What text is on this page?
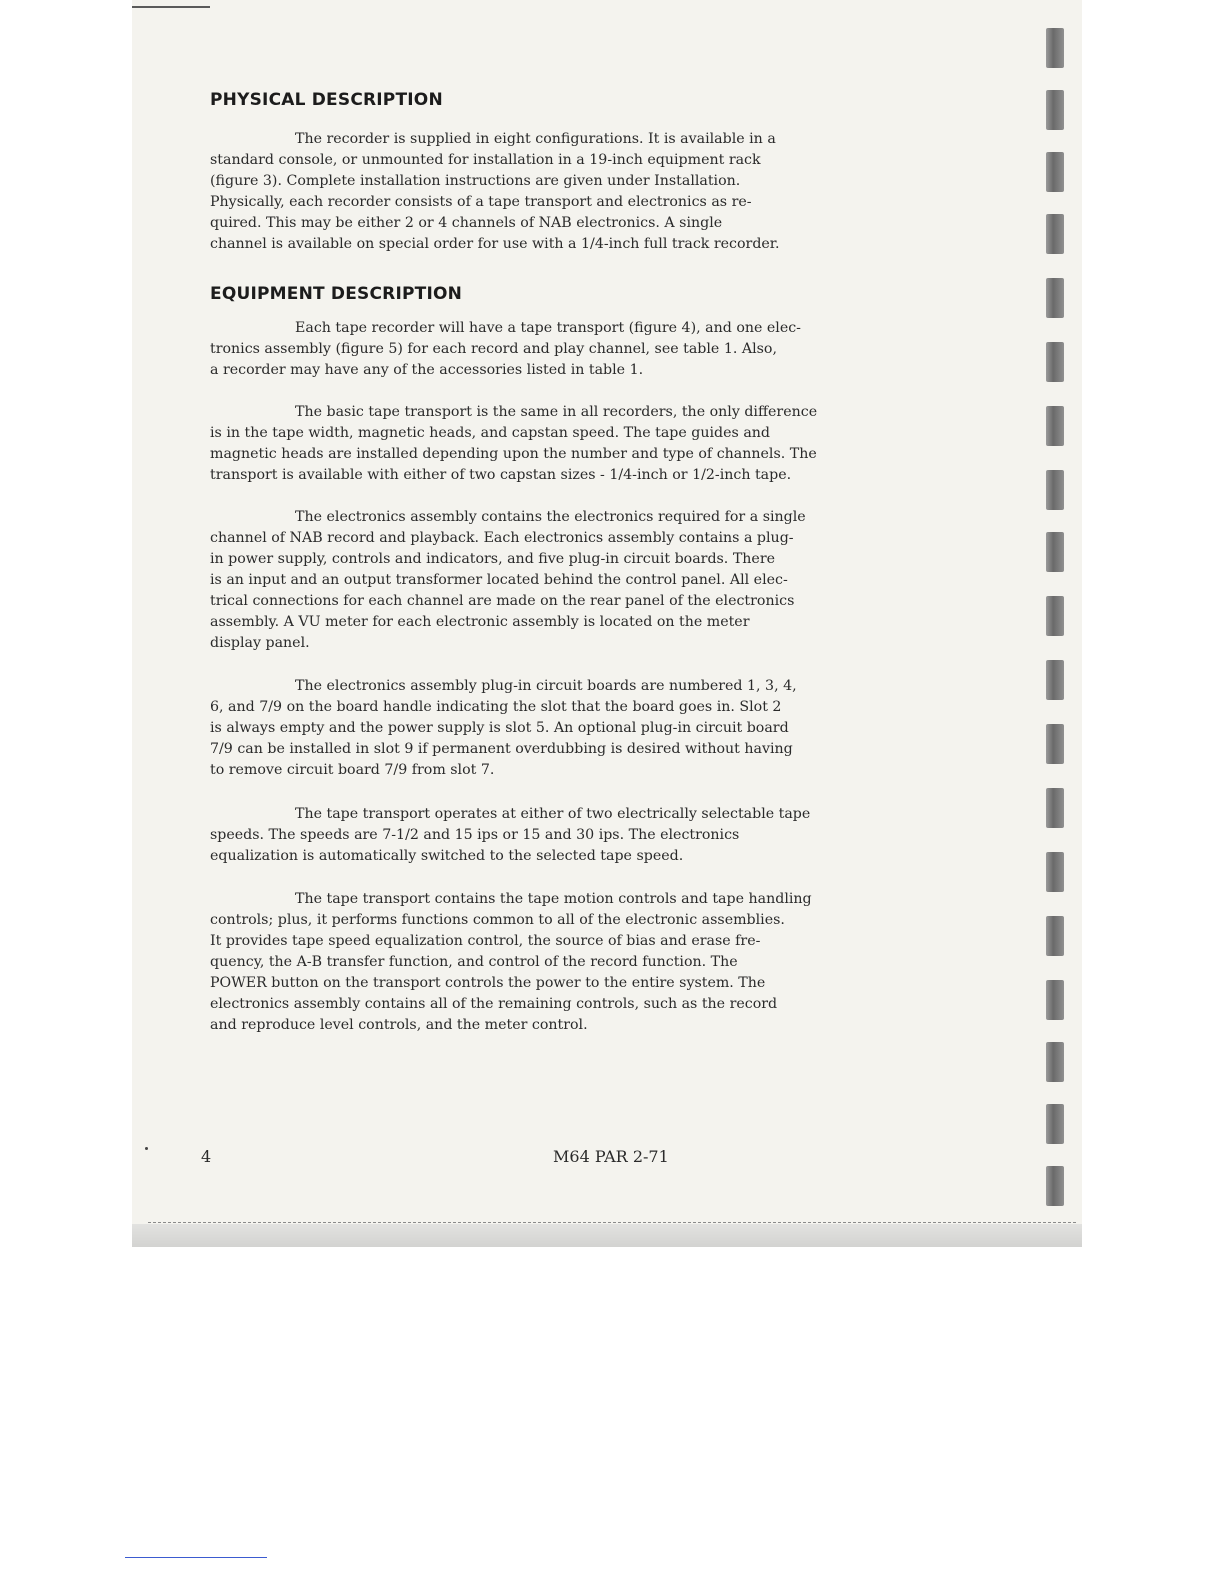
PHYSICAL DESCRIPTION

The recorder is supplied in eight configurations. It is available in a
standard console, or unmounted for installation in a 19-inch equipment rack
(figure 3). Complete installation instructions are given under Installation.
Physically, each recorder consists of a tape transport and electronics as re-
quired. This may be either 2 or 4 channels of NAB electronics. A single
channel is available on special order for use with a 1/4-inch full track recorder.

EQUIPMENT DESCRIPTION

Each tape recorder will have a tape transport (figure 4), and one elec-
tronics assembly (figure 5) for each record and play channel, see table 1. Also,
a recorder may have any of the accessories listed in table 1.

The basic tape transport is the same in all recorders, the only difference
is in the tape width, magnetic heads, and capstan speed. The tape guides and
magnetic heads are installed depending upon the number and type of channels. The
transport is available with either of two capstan sizes - 1/4-inch or 1/2-inch tape.

The electronics assembly contains the electronics required for a single
channel of NAB record and playback. Each electronics assembly contains a plug-
in power supply, controls and indicators, and five plug-in circuit boards. There
is an input and an output transformer located behind the control panel. All elec-
trical connections for each channel are made on the rear panel of the electronics
assembly. A VU meter for each electronic assembly is located on the meter
display panel.

The electronics assembly plug-in circuit boards are numbered 1, 3, 4,
6, and 7/9 on the board handle indicating the slot that the board goes in. Slot 2
is always empty and the power supply is slot 5. An optional plug-in circuit board
7/9 can be installed in slot 9 if permanent overdubbing is desired without having
to remove circuit board 7/9 from slot 7.

The tape transport operates at either of two electrically selectable tape
speeds. The speeds are 7-1/2 and 15 ips or 15 and 30 ips. The electronics
equalization is automatically switched to the selected tape speed.

The tape transport contains the tape motion controls and tape handling
controls; plus, it performs functions common to all of the electronic assemblies.
It provides tape speed equalization control, the source of bias and erase fre-
quency, the A-B transfer function, and control of the record function. The
POWER button on the transport controls the power to the entire system. The
electronics assembly contains all of the remaining controls, such as the record
and reproduce level controls, and the meter control.

4	M64 PAR 2-71
